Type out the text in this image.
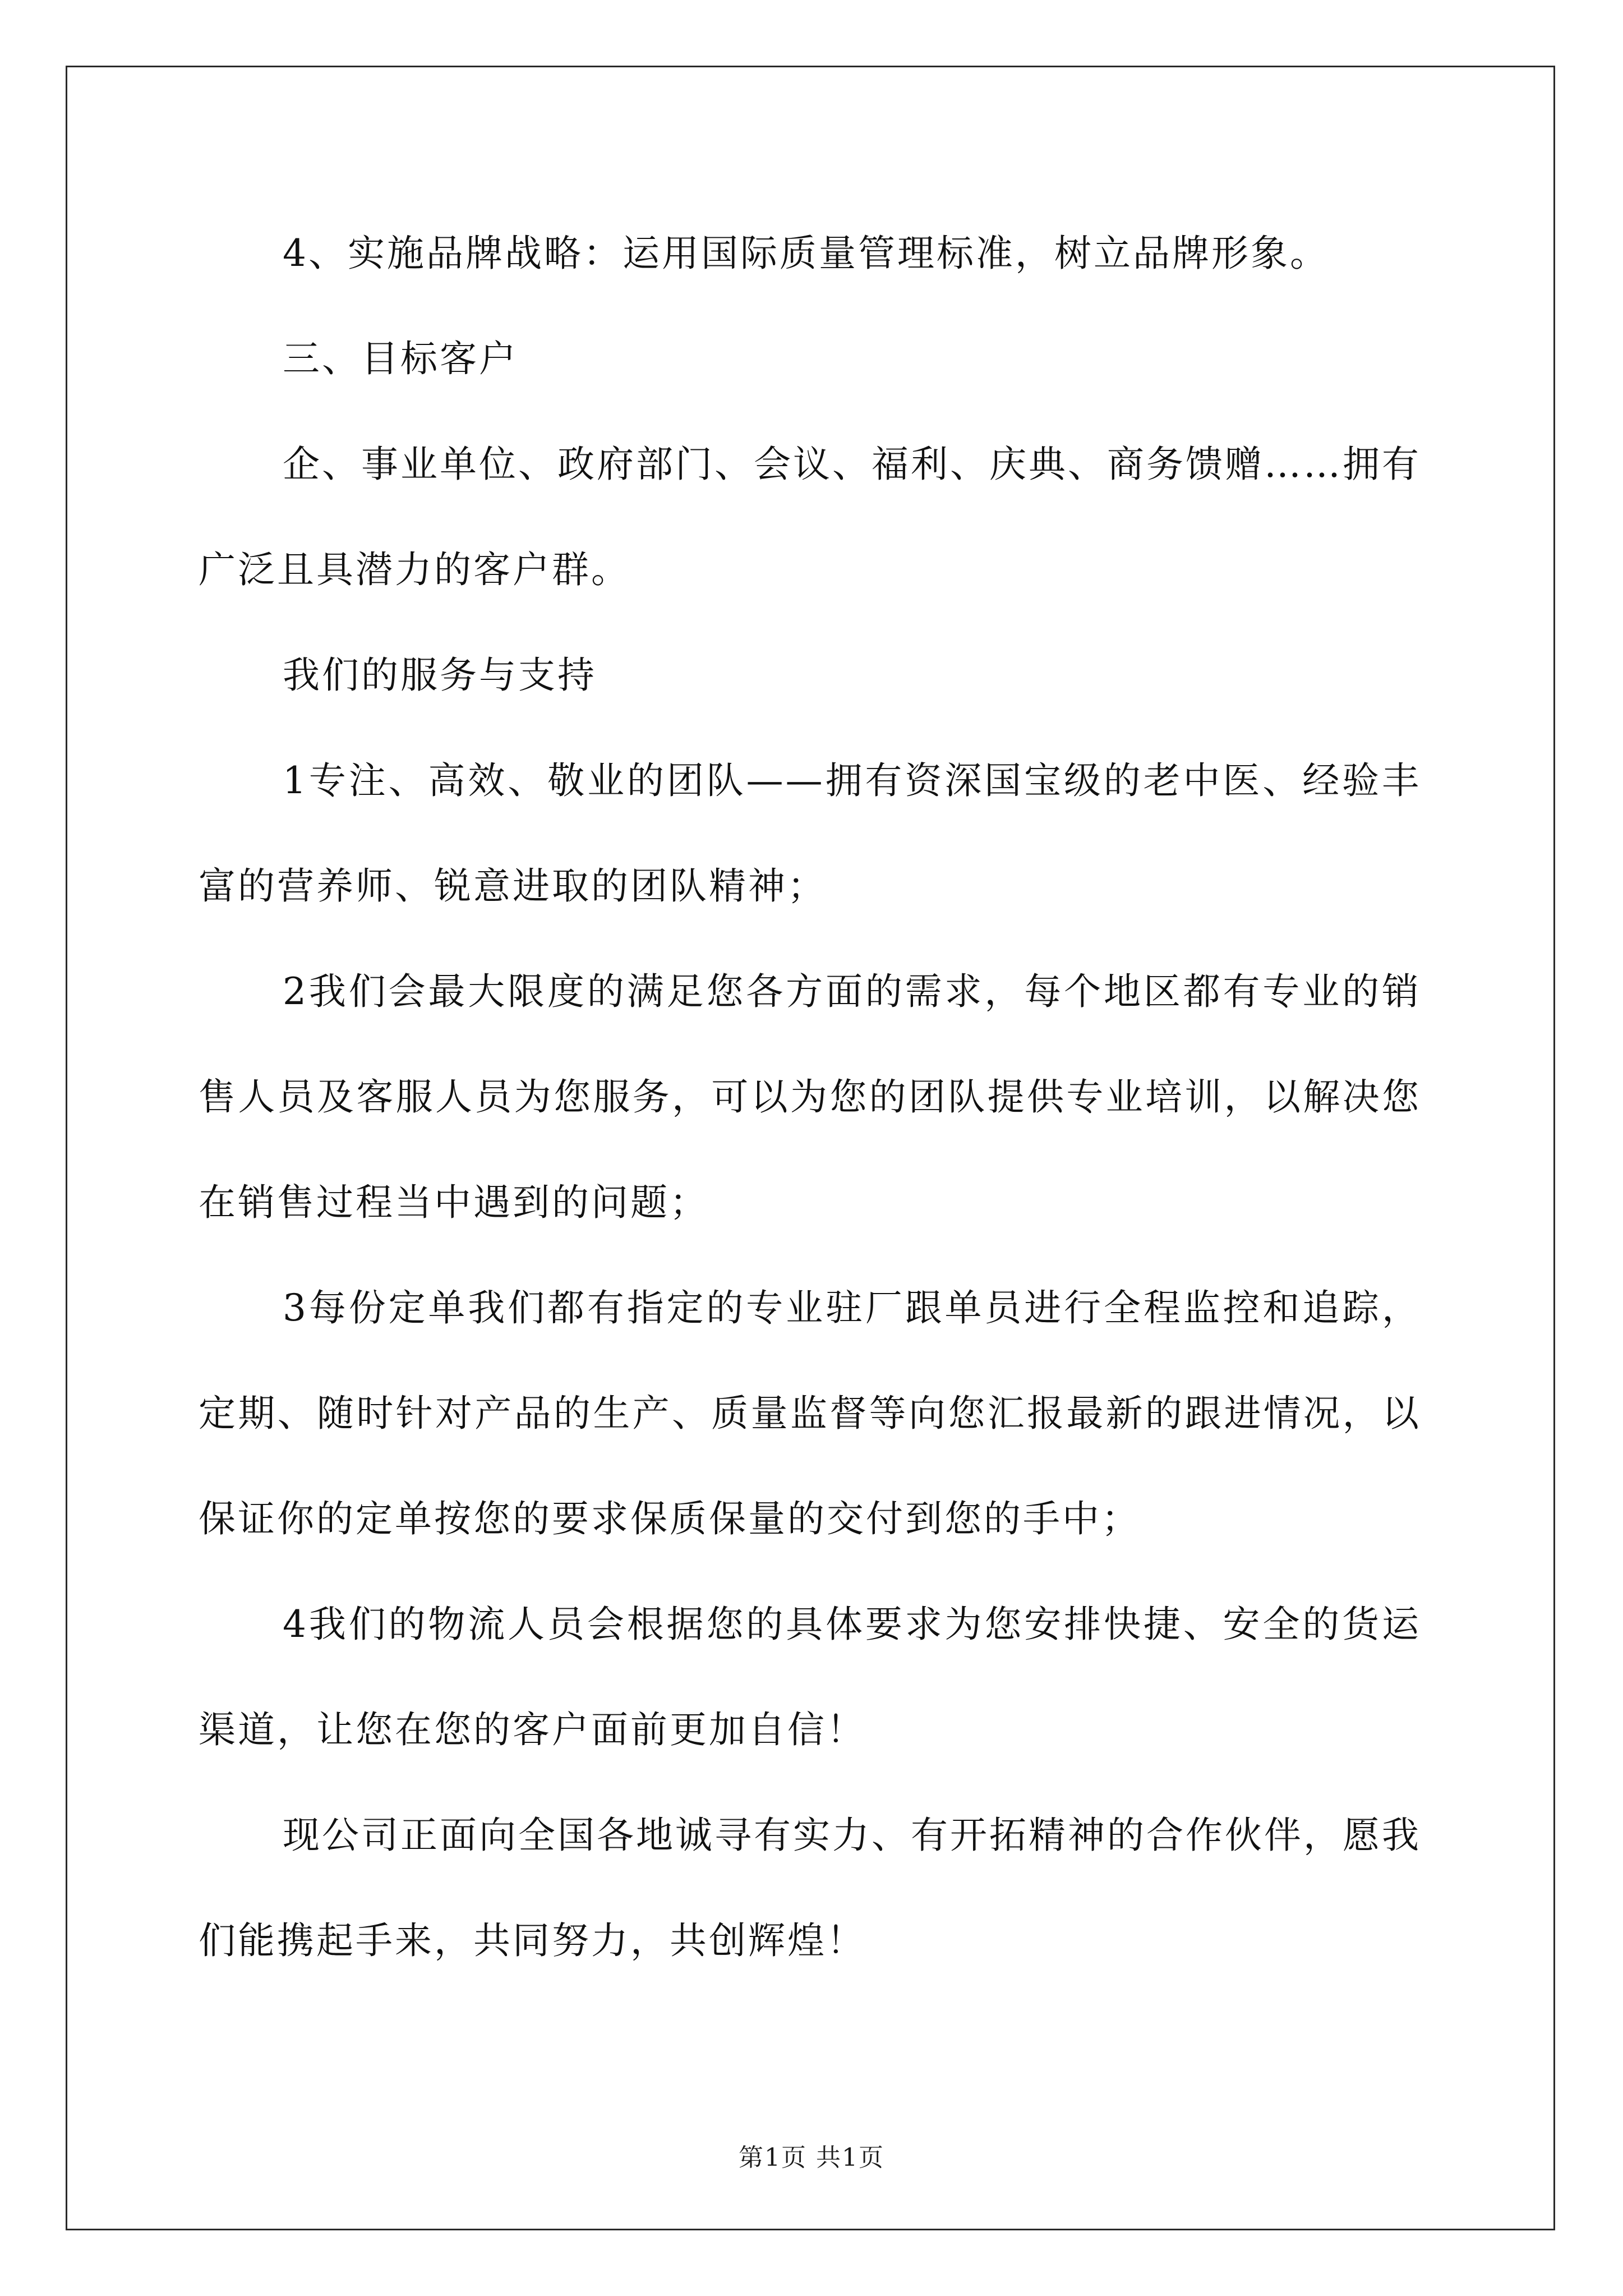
4、实施品牌战略：运用国际质量管理标准，树立品牌形象。

三、目标客户

企、事业单位、政府部门、会议、福利、庆典、商务馈赠……拥有广泛且具潜力的客户群。

我们的服务与支持

1专注、高效、敬业的团队——拥有资深国宝级的老中医、经验丰富的营养师、锐意进取的团队精神；

2我们会最大限度的满足您各方面的需求，每个地区都有专业的销售人员及客服人员为您服务，可以为您的团队提供专业培训，以解决您在销售过程当中遇到的问题；

3每份定单我们都有指定的专业驻厂跟单员进行全程监控和追踪，定期、随时针对产品的生产、质量监督等向您汇报最新的跟进情况，以保证你的定单按您的要求保质保量的交付到您的手中；

4我们的物流人员会根据您的具体要求为您安排快捷、安全的货运渠道，让您在您的客户面前更加自信！

现公司正面向全国各地诚寻有实力、有开拓精神的合作伙伴，愿我们能携起手来，共同努力，共创辉煌！

第1页 共1页
